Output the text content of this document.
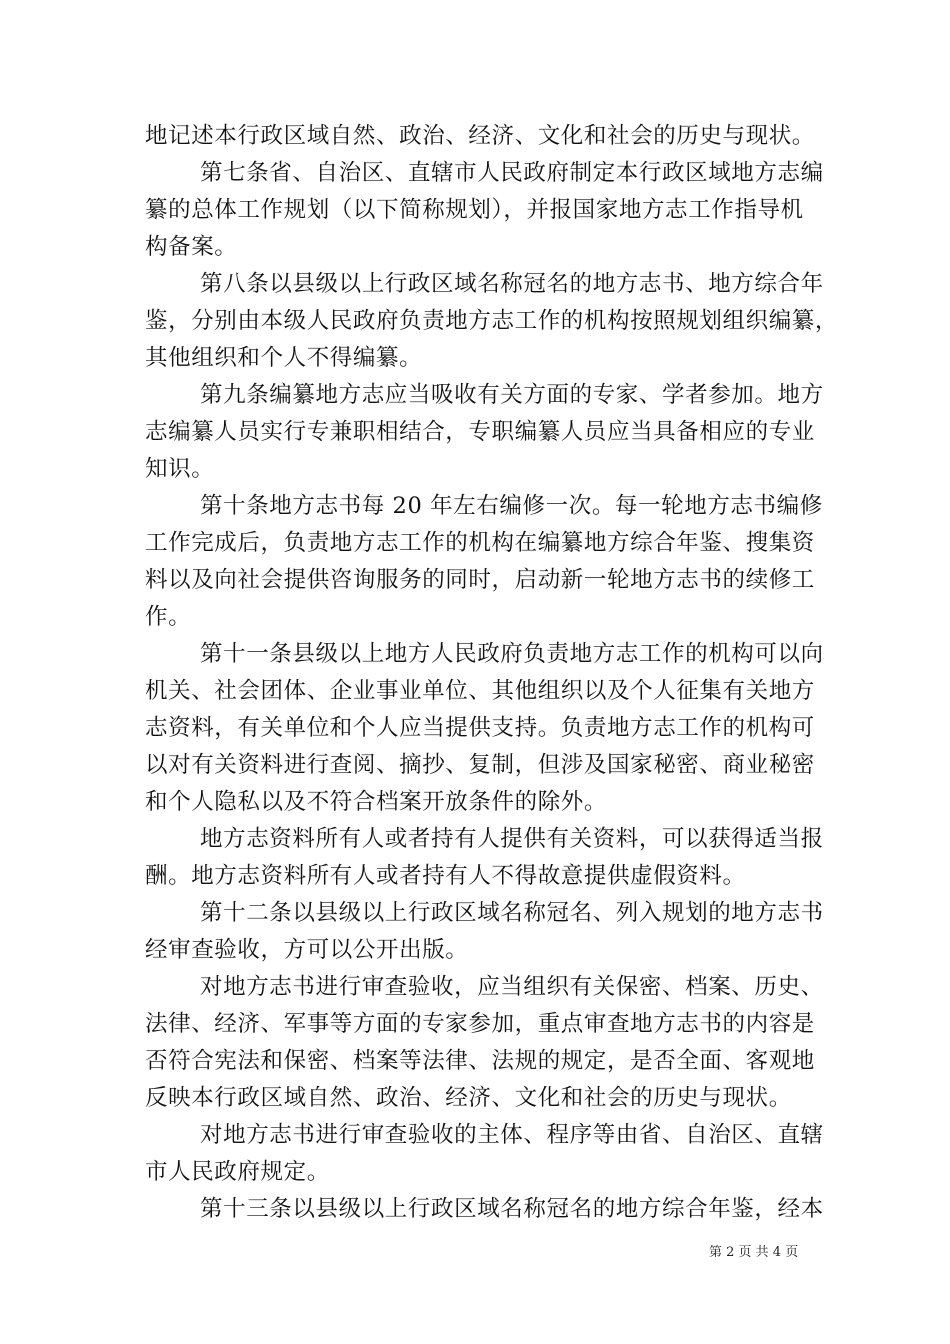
地记述本行政区域自然、政治、经济、文化和社会的历史与现状。
第七条省、自治区、直辖市人民政府制定本行政区域地方志编
纂的总体工作规划（以下简称规划），并报国家地方志工作指导机
构备案。
第八条以县级以上行政区域名称冠名的地方志书、地方综合年
鉴，分别由本级人民政府负责地方志工作的机构按照规划组织编纂，
其他组织和个人不得编纂。
第九条编纂地方志应当吸收有关方面的专家、学者参加。地方
志编纂人员实行专兼职相结合，专职编纂人员应当具备相应的专业
知识。
第十条地方志书每 20 年左右编修一次。每一轮地方志书编修
工作完成后，负责地方志工作的机构在编纂地方综合年鉴、搜集资
料以及向社会提供咨询服务的同时，启动新一轮地方志书的续修工
作。
第十一条县级以上地方人民政府负责地方志工作的机构可以向
机关、社会团体、企业事业单位、其他组织以及个人征集有关地方
志资料，有关单位和个人应当提供支持。负责地方志工作的机构可
以对有关资料进行查阅、摘抄、复制，但涉及国家秘密、商业秘密
和个人隐私以及不符合档案开放条件的除外。
地方志资料所有人或者持有人提供有关资料，可以获得适当报
酬。地方志资料所有人或者持有人不得故意提供虚假资料。
第十二条以县级以上行政区域名称冠名、列入规划的地方志书
经审查验收，方可以公开出版。
对地方志书进行审查验收，应当组织有关保密、档案、历史、
法律、经济、军事等方面的专家参加，重点审查地方志书的内容是
否符合宪法和保密、档案等法律、法规的规定，是否全面、客观地
反映本行政区域自然、政治、经济、文化和社会的历史与现状。
对地方志书进行审查验收的主体、程序等由省、自治区、直辖
市人民政府规定。
第十三条以县级以上行政区域名称冠名的地方综合年鉴，经本
第 2 页 共 4 页
